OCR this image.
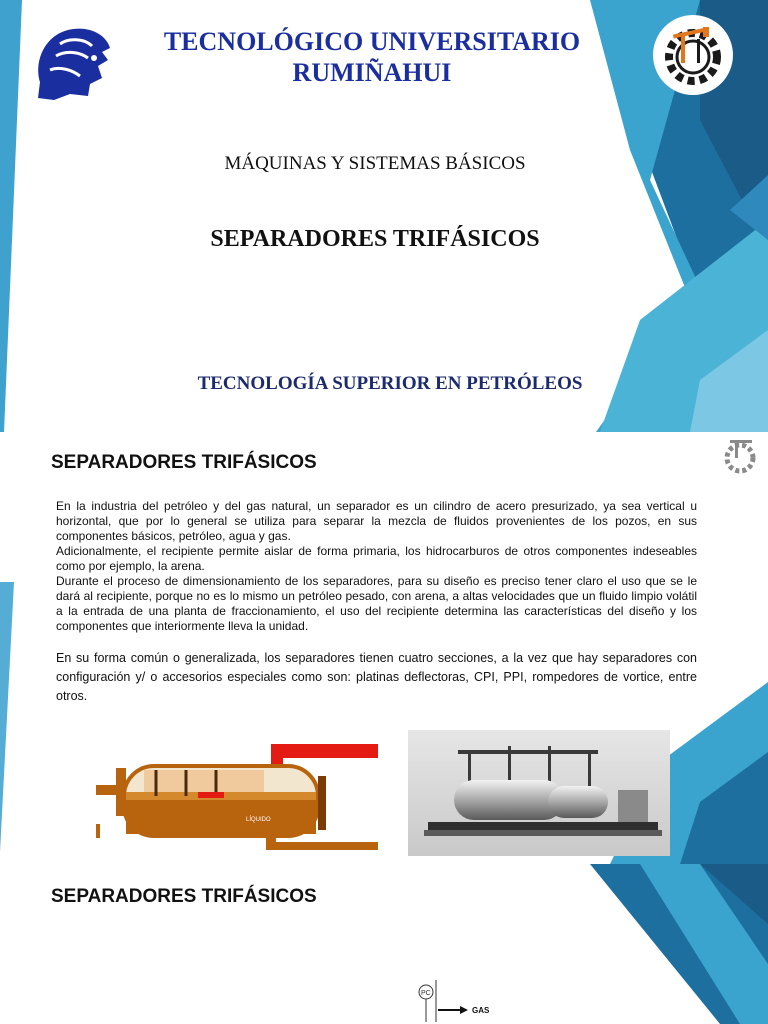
TECNOLÓGICO UNIVERSITARIO RUMIÑAHUI
MÁQUINAS Y SISTEMAS BÁSICOS
SEPARADORES TRIFÁSICOS
TECNOLOGÍA SUPERIOR EN PETRÓLEOS
SEPARADORES TRIFÁSICOS

En la industria del petróleo y del gas natural, un separador es un cilindro de acero presurizado, ya sea vertical u horizontal, que por lo general se utiliza para separar la mezcla de fluidos provenientes de los pozos, en sus componentes básicos, petróleo, agua y gas.

Adicionalmente, el recipiente permite aislar de forma primaria, los hidrocarburos de otros componentes indeseables como por ejemplo, la arena.

Durante el proceso de dimensionamiento de los separadores, para su diseño es preciso tener claro el uso que se le dará al recipiente, porque no es lo mismo un petróleo pesado, con arena, a altas velocidades que un fluido limpio volátil a la entrada de una planta de fraccionamiento, el uso del recipiente determina las características del diseño y los componentes que interiormente lleva la unidad.

En su forma común o generalizada, los separadores tienen cuatro secciones, a la vez que hay separadores con configuración y/ o accesorios especiales como son: platinas deflectoras, CPI, PPI, rompedores de vortice, entre otros.

LÍQUIDO
SEPARADORES TRIFÁSICOS
PC
GAS
